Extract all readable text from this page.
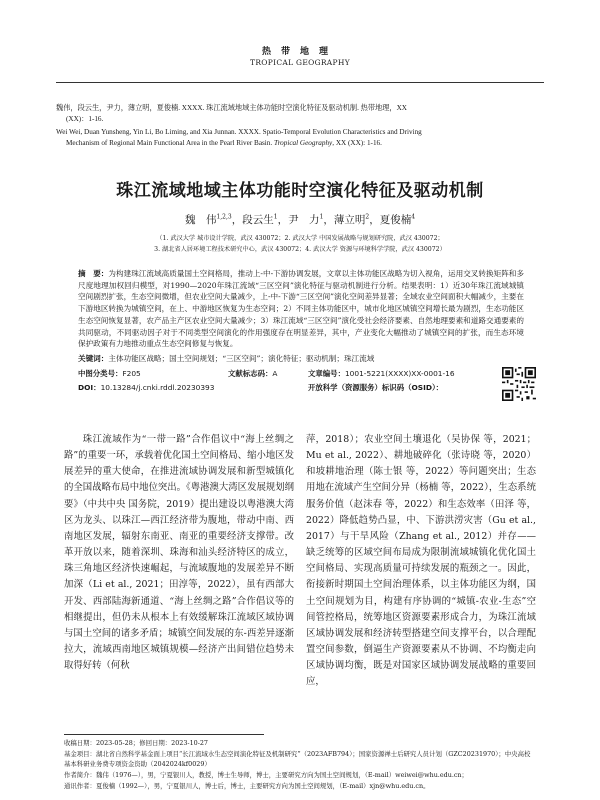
热带地理
TROPICAL GEOGRAPHY
魏伟，段云生，尹力，薄立明，夏俊楠. XXXX. 珠江流域地域主体功能时空演化特征及驱动机制. 热带地理，XX
(XX)：1-16.
Wei Wei, Duan Yunsheng, Yin Li, Bo Liming, and Xia Junnan. XXXX. Spatio-Temporal Evolution Characteristics and Driving
Mechanism of Regional Main Functional Area in the Pearl River Basin. Tropical Geography, XX (XX): 1-16.
珠江流域地域主体功能时空演化特征及驱动机制
魏　伟$^{1,2,3}$，段云生$^1$，尹　力$^1$，薄立明$^2$，夏俊楠$^4$
（1. 武汉大学 城市设计学院，武汉 430072；2. 武汉大学 中国发展战略与规划研究院，武汉 430072；
3. 湖北省人居环境工程技术研究中心，武汉 430072；4. 武汉大学 资源与环境科学学院，武汉 430072）
摘　要：为构建珠江流域高质量国土空间格局，推动上-中-下游协调发展，文章以主体功能区战略为切入视角，运用交叉转换矩阵和多尺度地理加权回归模型，对1990—2020年珠江流域“三区空间”演化特征与驱动机制进行分析。结果表明：1）近30年珠江流域城镇空间剧烈扩张，生态空间微增，但农业空间大量减少，上-中-下游“三区空间”演化空间差异显著；全域农业空间面积大幅减少，主要在下游地区转换为城镇空间，在上、中游地区恢复为生态空间；2）不同主体功能区中，城市化地区城镇空间增长最为剧烈，生态功能区生态空间恢复显著，农产品主产区农业空间大量减少；3）珠江流域“三区空间”演化受社会经济要素、自然地理要素和道路交通要素的共同驱动，不同驱动因子对于不同类型空间演化的作用强度存在明显差异，其中，产业变化大幅推动了城镇空间的扩张，而生态环境保护政策有力地推动重点生态空间修复与恢复。
关键词：主体功能区战略；国土空间规划；“三区空间”；演化特征；驱动机制；珠江流域
中图分类号：F205	文献标志码：A	文章编号：1001-5221(XXXX)XX-0001-16
DOI：10.13284/j.cnki.rddl.20230393	开放科学（资源服务）标识码（OSID）：

珠江流域作为“一带一路”合作倡议中“海上丝绸之路”的重要一环，承载着优化国土空间格局、缩小地区发展差异的重大使命，在推进流域协调发展和新型城镇化的全国战略布局中地位突出。《粤港澳大湾区发展规划纲要》（中共中央 国务院，2019）提出建设以粤港澳大湾区为龙头、以珠江—西江经济带为腹地，带动中南、西南地区发展，辐射东南亚、南亚的重要经济支撑带。改革开放以来，随着深圳、珠海和汕头经济特区的成立，珠三角地区经济快速崛起，与流域腹地的发展差异不断加深（Li et al., 2021；田淳等，2022），虽有西部大开发、西部陆海新通道、“海上丝绸之路”合作倡议等的相继提出，但仍未从根本上有效缓解珠江流域区域协调与国土空间的诸多矛盾；城镇空间发展的东-西差异逐渐拉大，流域西南地区城镇规模—经济产出间错位趋势未取得好转（何秋

萍，2018）；农业空间土壤退化（吴协保 等，2021；Mu et al., 2022）、耕地破碎化（张诗晓 等，2020）和坡耕地治理（陈士银 等，2022）等问题突出；生态用地在流域产生空间分异（杨楠 等，2022），生态系统服务价值（赵沫春 等，2022）和生态效率（田泽 等，2022）降低趋势凸显，中、下游洪涝灾害（Gu et al., 2017）与干旱风险（Zhang et al., 2012）并存——缺乏统筹的区域空间布局成为限制流域城镇化优化国土空间格局、实现高质量可持续发展的瓶颈之一。因此，衔接新时期国土空间治理体系，以主体功能区为纲，国土空间规划为目，构建有序协调的“城镇-农业-生态”空间管控格局，统筹地区资源要素形成合力，为珠江流域区域协调发展和经济转型搭建空间支撑平台，以合理配置空间参数，倒逼生产资源要素从不协调、不均衡走向区域协调均衡，既是对国家区域协调发展战略的重要回应，

收稿日期：2023-05-28；修回日期：2023-10-27
基金项目：湖北省自然科学基金面上项目“长江流域水生态空间演化特征及机制研究”（2023AFB794）；国家资源禅士后研究人员计划（GZC20231970）；中央高校基本科研业务费专项资金资助（2042024kf0029）
作者简介：魏伟（1976—），男，宁夏银川人，教授，博士生导师，博士，主要研究方向为国土空间规划，（E-mail）weiwei@whu.edu.cn；
通讯作者：夏俊楠（1992—），男，宁夏银川人，博士后，博士，主要研究方向为国土空间规划，（E-mail）xjn@whu.edu.cn。
